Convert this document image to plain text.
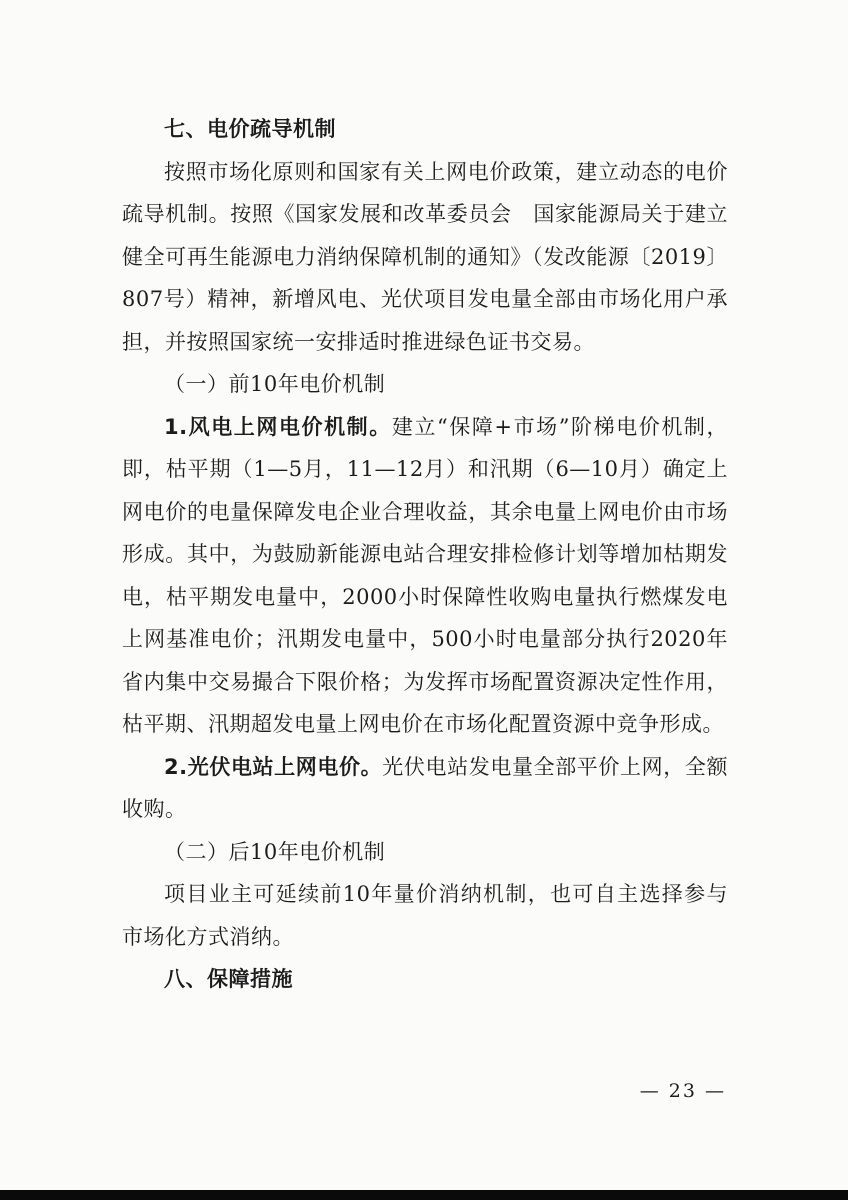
七、电价疏导机制

按照市场化原则和国家有关上网电价政策，建立动态的电价疏导机制。按照《国家发展和改革委员会　国家能源局关于建立健全可再生能源电力消纳保障机制的通知》（发改能源〔2019〕807号）精神，新增风电、光伏项目发电量全部由市场化用户承担，并按照国家统一安排适时推进绿色证书交易。

（一）前10年电价机制

1.风电上网电价机制。建立“保障+市场”阶梯电价机制，即，枯平期（1—5月，11—12月）和汛期（6—10月）确定上网电价的电量保障发电企业合理收益，其余电量上网电价由市场形成。其中，为鼓励新能源电站合理安排检修计划等增加枯期发电，枯平期发电量中，2000小时保障性收购电量执行燃煤发电上网基准电价；汛期发电量中，500小时电量部分执行2020年省内集中交易撮合下限价格；为发挥市场配置资源决定性作用，枯平期、汛期超发电量上网电价在市场化配置资源中竞争形成。

2.光伏电站上网电价。光伏电站发电量全部平价上网，全额收购。

（二）后10年电价机制

项目业主可延续前10年量价消纳机制，也可自主选择参与市场化方式消纳。

八、保障措施
— 23 —
